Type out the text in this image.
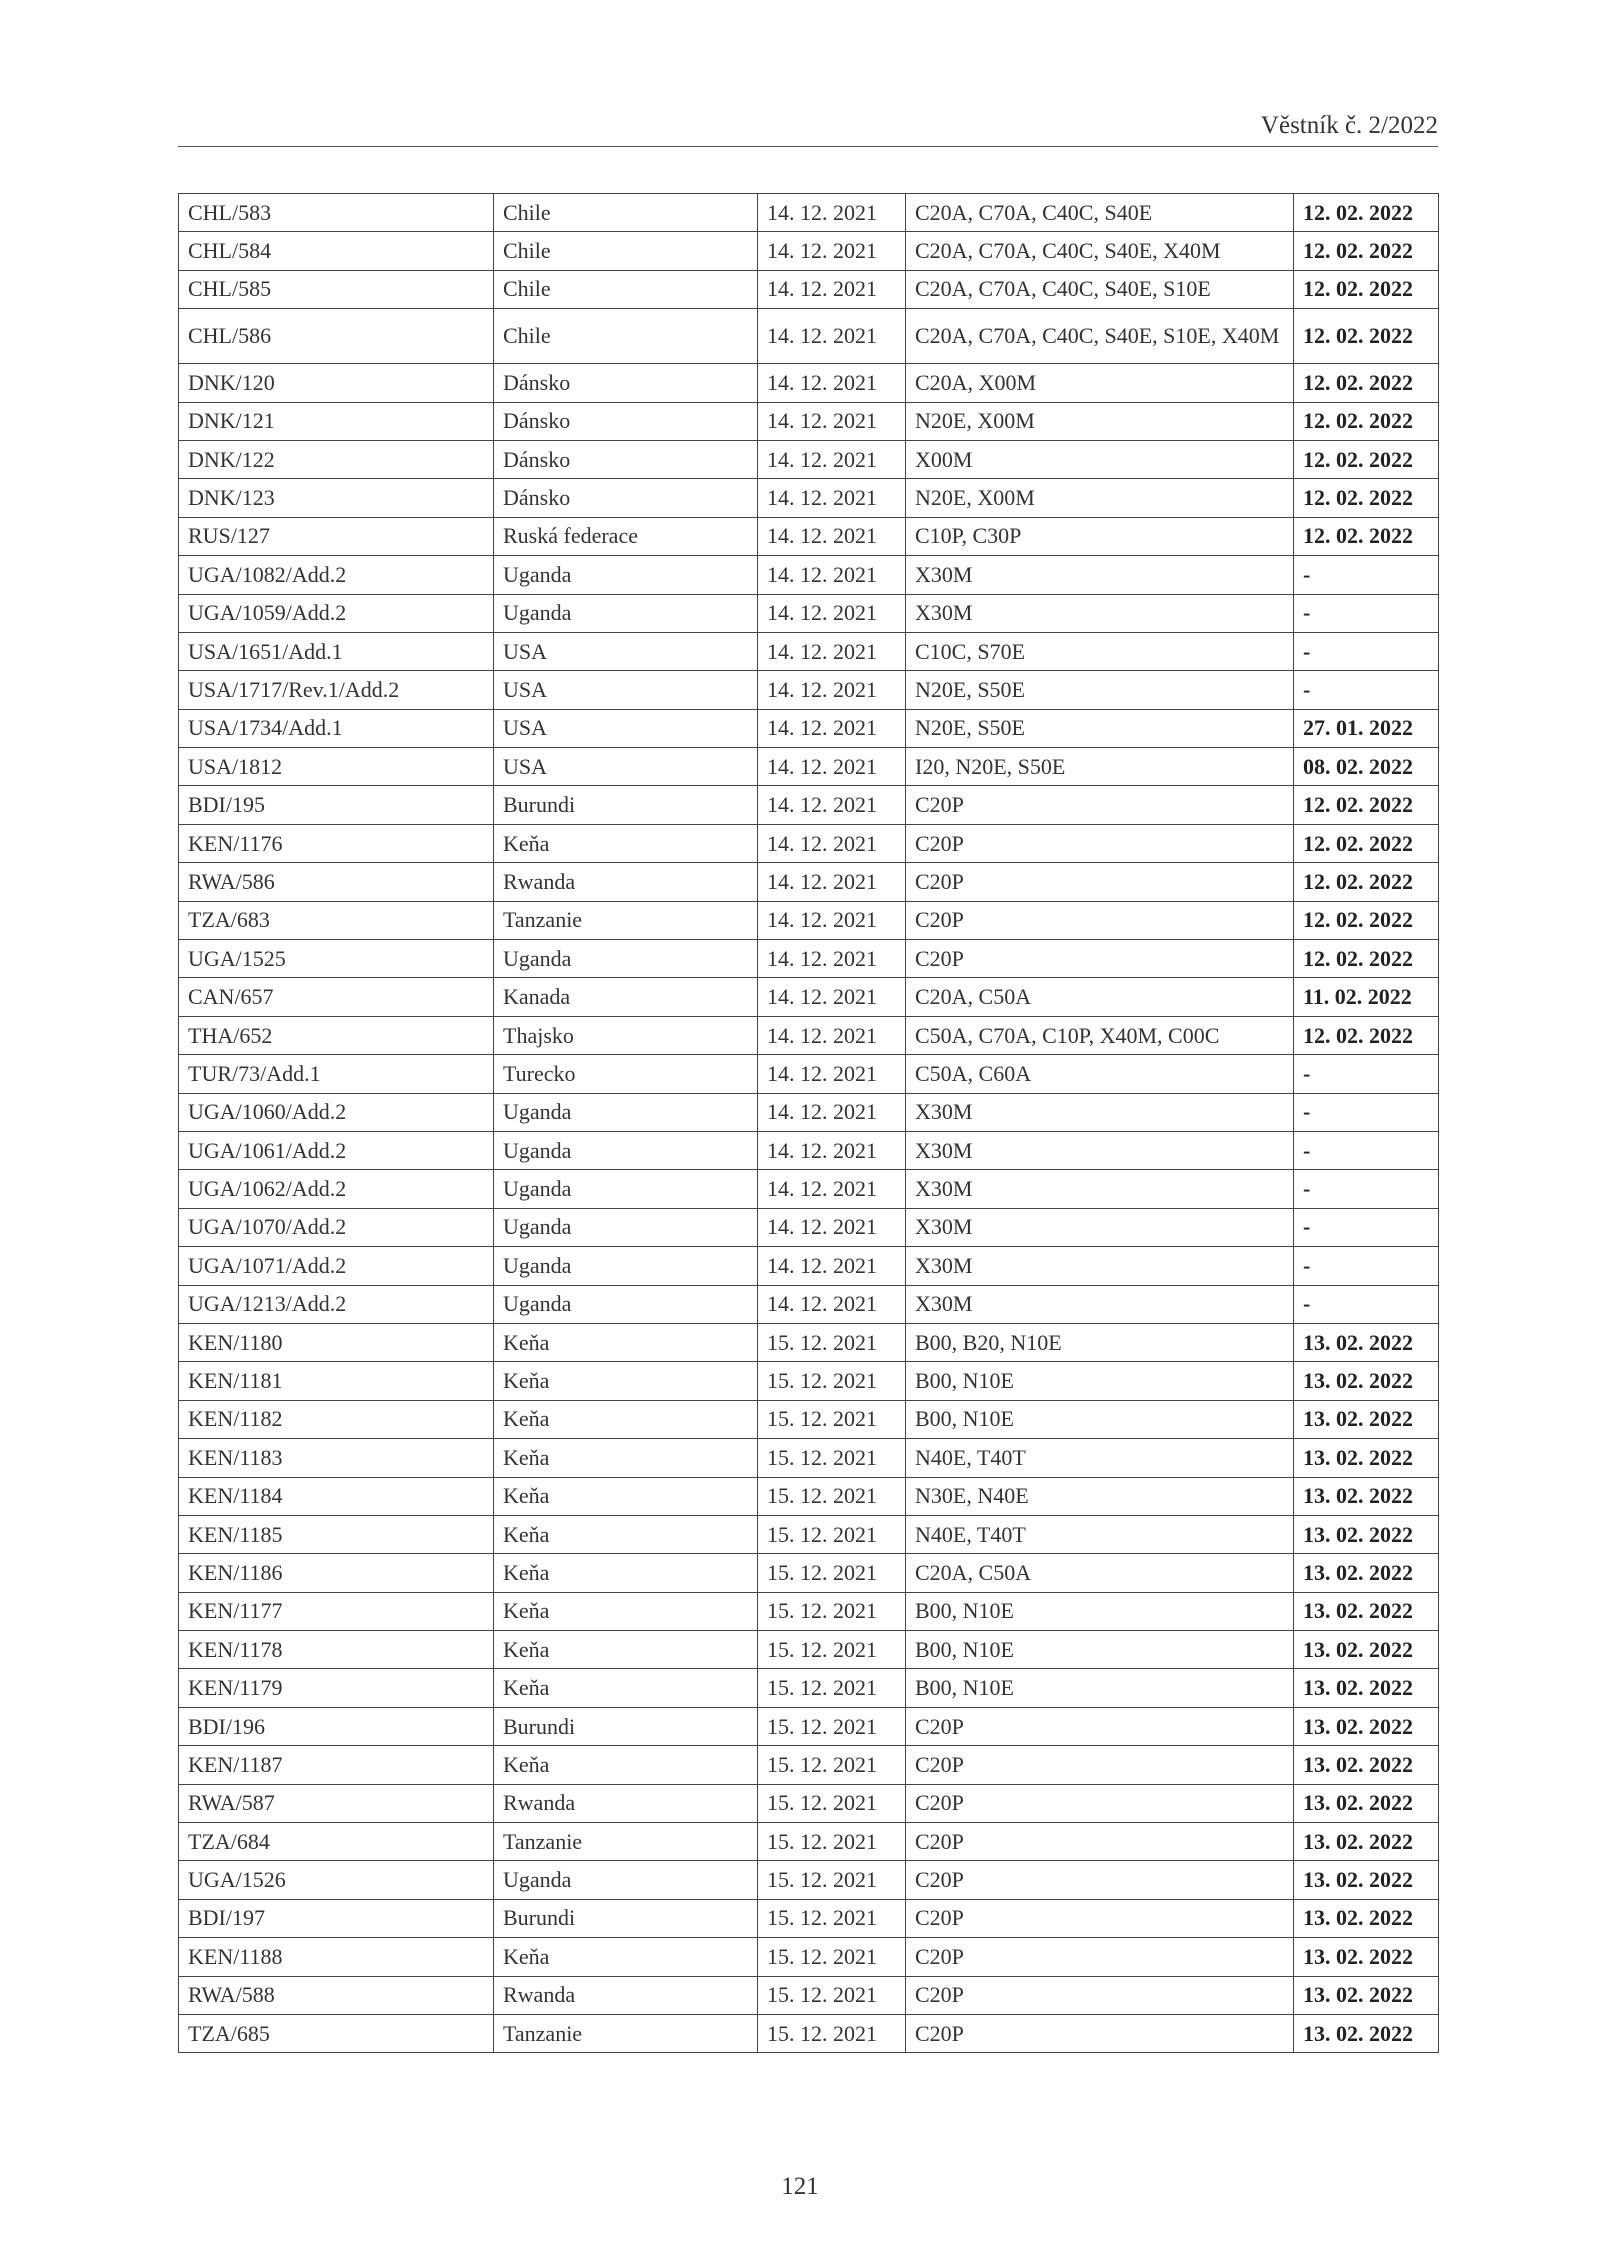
Věstník č. 2/2022
CHL/583	Chile	14. 12. 2021	C20A, C70A, C40C, S40E	12. 02. 2022
CHL/584	Chile	14. 12. 2021	C20A, C70A, C40C, S40E, X40M	12. 02. 2022
CHL/585	Chile	14. 12. 2021	C20A, C70A, C40C, S40E, S10E	12. 02. 2022
CHL/586	Chile	14. 12. 2021	C20A, C70A, C40C, S40E, S10E, X40M	12. 02. 2022
DNK/120	Dánsko	14. 12. 2021	C20A, X00M	12. 02. 2022
DNK/121	Dánsko	14. 12. 2021	N20E, X00M	12. 02. 2022
DNK/122	Dánsko	14. 12. 2021	X00M	12. 02. 2022
DNK/123	Dánsko	14. 12. 2021	N20E, X00M	12. 02. 2022
RUS/127	Ruská federace	14. 12. 2021	C10P, C30P	12. 02. 2022
UGA/1082/Add.2	Uganda	14. 12. 2021	X30M	-
UGA/1059/Add.2	Uganda	14. 12. 2021	X30M	-
USA/1651/Add.1	USA	14. 12. 2021	C10C, S70E	-
USA/1717/Rev.1/Add.2	USA	14. 12. 2021	N20E, S50E	-
USA/1734/Add.1	USA	14. 12. 2021	N20E, S50E	27. 01. 2022
USA/1812	USA	14. 12. 2021	I20, N20E, S50E	08. 02. 2022
BDI/195	Burundi	14. 12. 2021	C20P	12. 02. 2022
KEN/1176	Keňa	14. 12. 2021	C20P	12. 02. 2022
RWA/586	Rwanda	14. 12. 2021	C20P	12. 02. 2022
TZA/683	Tanzanie	14. 12. 2021	C20P	12. 02. 2022
UGA/1525	Uganda	14. 12. 2021	C20P	12. 02. 2022
CAN/657	Kanada	14. 12. 2021	C20A, C50A	11. 02. 2022
THA/652	Thajsko	14. 12. 2021	C50A, C70A, C10P, X40M, C00C	12. 02. 2022
TUR/73/Add.1	Turecko	14. 12. 2021	C50A, C60A	-
UGA/1060/Add.2	Uganda	14. 12. 2021	X30M	-
UGA/1061/Add.2	Uganda	14. 12. 2021	X30M	-
UGA/1062/Add.2	Uganda	14. 12. 2021	X30M	-
UGA/1070/Add.2	Uganda	14. 12. 2021	X30M	-
UGA/1071/Add.2	Uganda	14. 12. 2021	X30M	-
UGA/1213/Add.2	Uganda	14. 12. 2021	X30M	-
KEN/1180	Keňa	15. 12. 2021	B00, B20, N10E	13. 02. 2022
KEN/1181	Keňa	15. 12. 2021	B00, N10E	13. 02. 2022
KEN/1182	Keňa	15. 12. 2021	B00, N10E	13. 02. 2022
KEN/1183	Keňa	15. 12. 2021	N40E, T40T	13. 02. 2022
KEN/1184	Keňa	15. 12. 2021	N30E, N40E	13. 02. 2022
KEN/1185	Keňa	15. 12. 2021	N40E, T40T	13. 02. 2022
KEN/1186	Keňa	15. 12. 2021	C20A, C50A	13. 02. 2022
KEN/1177	Keňa	15. 12. 2021	B00, N10E	13. 02. 2022
KEN/1178	Keňa	15. 12. 2021	B00, N10E	13. 02. 2022
KEN/1179	Keňa	15. 12. 2021	B00, N10E	13. 02. 2022
BDI/196	Burundi	15. 12. 2021	C20P	13. 02. 2022
KEN/1187	Keňa	15. 12. 2021	C20P	13. 02. 2022
RWA/587	Rwanda	15. 12. 2021	C20P	13. 02. 2022
TZA/684	Tanzanie	15. 12. 2021	C20P	13. 02. 2022
UGA/1526	Uganda	15. 12. 2021	C20P	13. 02. 2022
BDI/197	Burundi	15. 12. 2021	C20P	13. 02. 2022
KEN/1188	Keňa	15. 12. 2021	C20P	13. 02. 2022
RWA/588	Rwanda	15. 12. 2021	C20P	13. 02. 2022
TZA/685	Tanzanie	15. 12. 2021	C20P	13. 02. 2022
121
